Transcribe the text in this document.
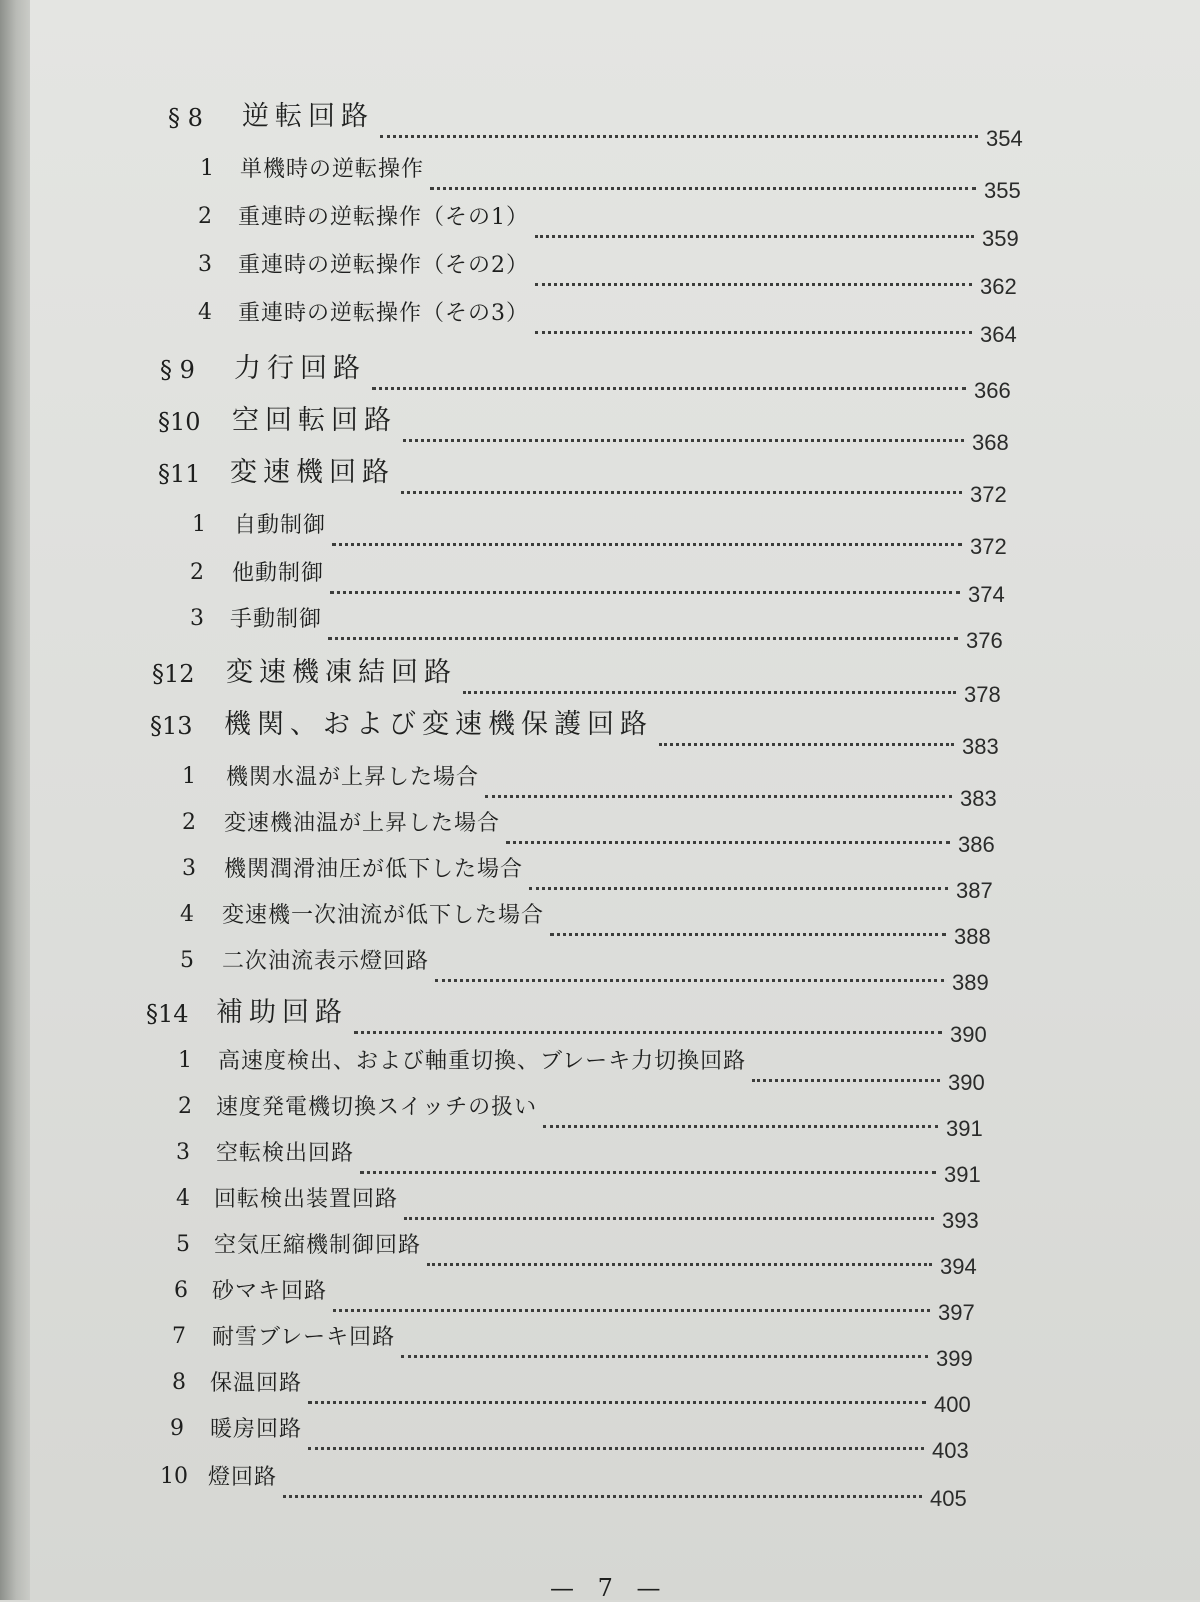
§ 8 逆転回路
354
1 単機時の逆転操作
355
2 重連時の逆転操作（その1）
359
3 重連時の逆転操作（その2）
362
4 重連時の逆転操作（その3）
364
§ 9 力行回路
366
§10 空回転回路
368
§11 変速機回路
372
1 自動制御
372
2 他動制御
374
3 手動制御
376
§12 変速機凍結回路
378
§13 機関、および変速機保護回路
383
1 機関水温が上昇した場合
383
2 変速機油温が上昇した場合
386
3 機関潤滑油圧が低下した場合
387
4 変速機一次油流が低下した場合
388
5 二次油流表示燈回路
389
§14 補助回路
390
1 高速度検出、および軸重切換、ブレーキ力切換回路
390
2 速度発電機切換スイッチの扱い
391
3 空転検出回路
391
4 回転検出装置回路
393
5 空気圧縮機制御回路
394
6 砂マキ回路
397
7 耐雪ブレーキ回路
399
8 保温回路
400
9 暖房回路
403
10 燈回路
405
— 7 —
